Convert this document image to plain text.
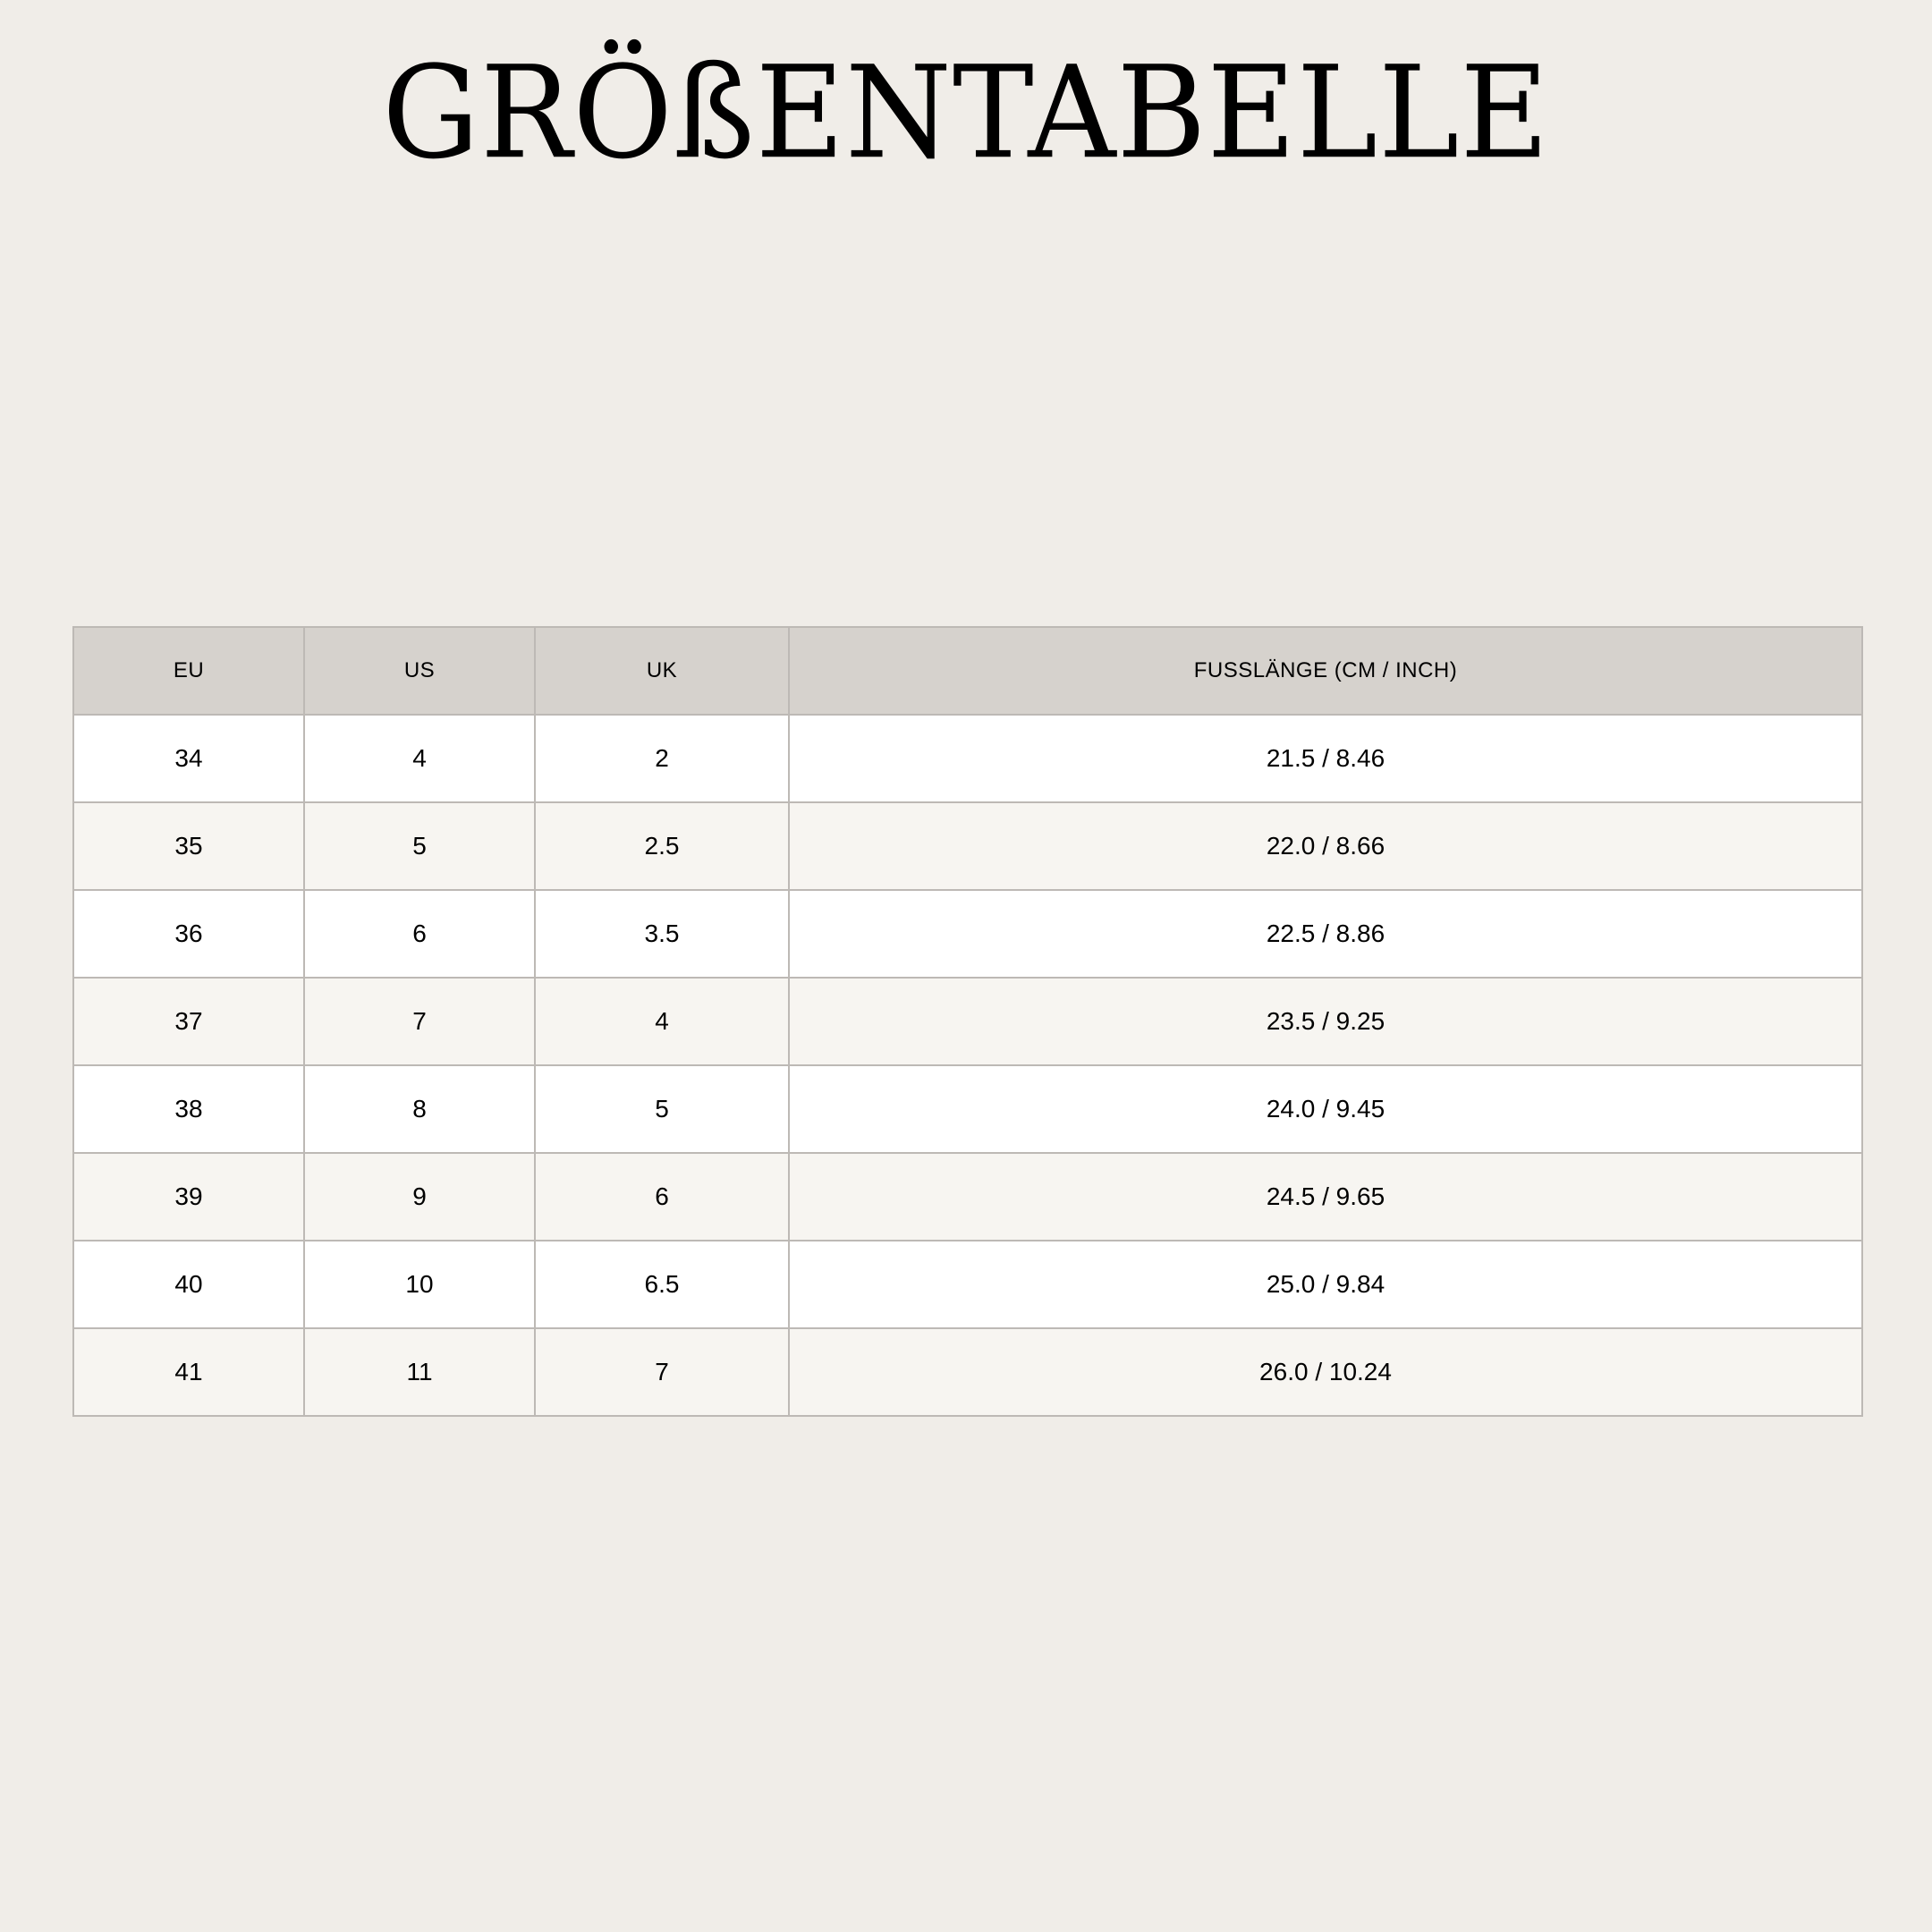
GRÖßENTABELLE
EU	US	UK	FUSSLÄNGE (CM / INCH)
34	4	2	21.5 / 8.46
35	5	2.5	22.0 / 8.66
36	6	3.5	22.5 / 8.86
37	7	4	23.5 / 9.25
38	8	5	24.0 / 9.45
39	9	6	24.5 / 9.65
40	10	6.5	25.0 / 9.84
41	11	7	26.0 / 10.24
